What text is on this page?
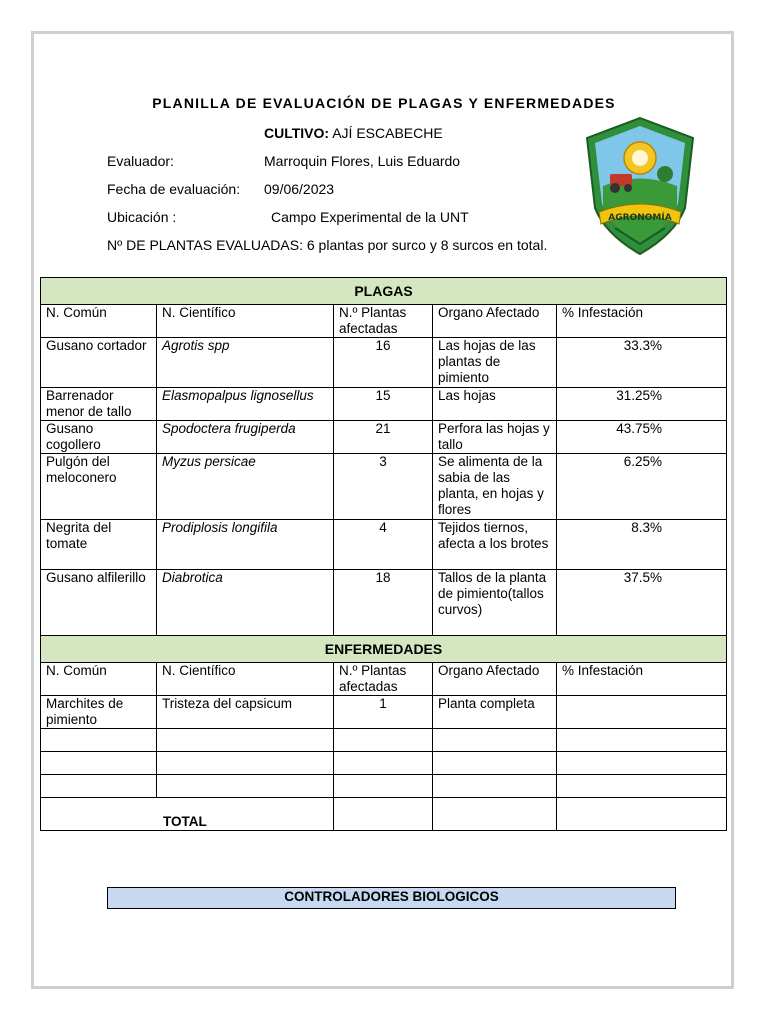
PLANILLA DE EVALUACIÓN DE PLAGAS Y ENFERMEDADES
CULTIVO: AJÍ ESCABECHE
Evaluador:	Marroquin Flores, Luis Eduardo
Fecha de evaluación: 09/06/2023
Ubicación :	Campo Experimental de la UNT
Nº DE PLANTAS EVALUADAS: 6 plantas por surco y 8 surcos en total.
AGRONOMÍA
PLAGAS				
N. Común	N. Científico	N.º Plantas afectadas	Organo Afectado	% Infestación
Gusano cortador	Agrotis spp	16	Las hojas de las plantas de pimiento	33.3%
Barrenador menor de tallo	Elasmopalpus lignosellus	15	Las hojas	31.25%
Gusano cogollero	Spodoctera frugiperda	21	Perfora las hojas y tallo	43.75%
Pulgón del meloconero	Myzus persicae	3	Se alimenta de la sabia de las planta, en hojas y flores	6.25%
Negrita del tomate	Prodiplosis longifila	4	Tejidos tiernos, afecta a los brotes	8.3%
Gusano alfilerillo	Diabrotica	18	Tallos de la planta de pimiento(tallos curvos)	37.5%
ENFERMEDADES				
N. Común	N. Científico	N.º Plantas afectadas	Organo Afectado	% Infestación
Marchites de pimiento	Tristeza del capsicum	1	Planta completa	

TOTAL				
CONTROLADORES BIOLOGICOS
